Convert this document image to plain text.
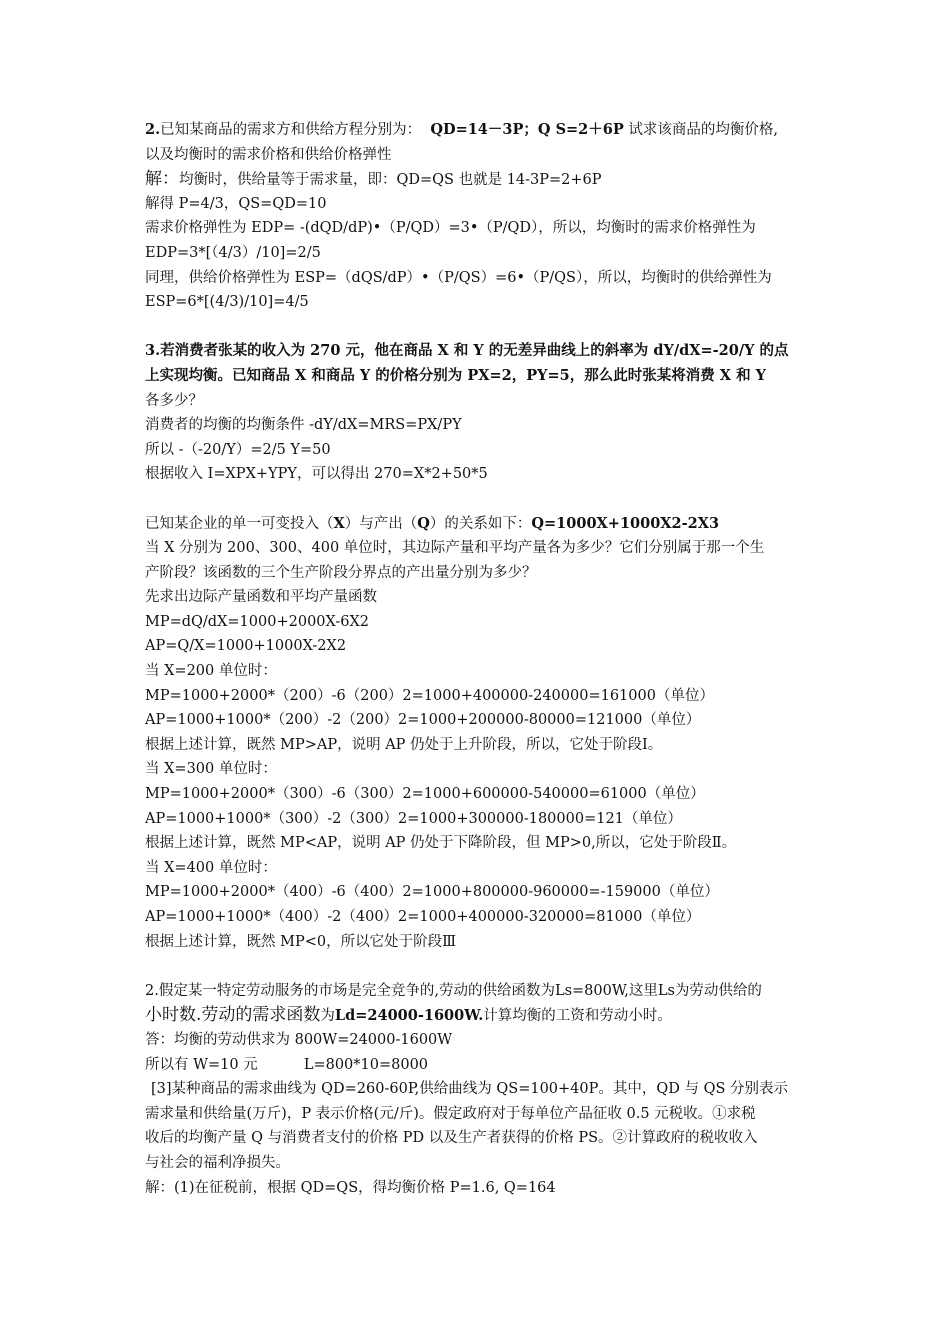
2.已知某商品的需求方和供给方程分别为： QD=14－3P；Q S=2＋6P 试求该商品的均衡价格,
以及均衡时的需求价格和供给价格弹性
解：均衡时，供给量等于需求量，即：QD=QS 也就是 14-3P=2+6P
解得 P=4/3，QS=QD=10
需求价格弹性为 EDP= -(dQD/dP)•（P/QD）=3•（P/QD），所以，均衡时的需求价格弹性为
EDP=3*[（4/3）/10]=2/5
同理，供给价格弹性为 ESP=（dQS/dP）•（P/QS）=6•（P/QS），所以，均衡时的供给弹性为
ESP=6*[(4/3)/10]=4/5
3.若消费者张某的收入为 270 元，他在商品 X 和 Y 的无差异曲线上的斜率为 dY/dX=-20/Y 的点
上实现均衡。已知商品 X 和商品 Y 的价格分别为 PX=2，PY=5，那么此时张某将消费 X 和 Y
各多少？
消费者的均衡的均衡条件 -dY/dX=MRS=PX/PY
所以 -（-20/Y）=2/5 Y=50
根据收入 I=XPX+YPY，可以得出 270=X*2+50*5
已知某企业的单一可变投入（X）与产出（Q）的关系如下：Q=1000X+1000X2-2X3
当 X 分别为 200、300、400 单位时，其边际产量和平均产量各为多少？它们分别属于那一个生
产阶段？该函数的三个生产阶段分界点的产出量分别为多少？
先求出边际产量函数和平均产量函数
MP=dQ/dX=1000+2000X-6X2
AP=Q/X=1000+1000X-2X2
当 X=200 单位时：
MP=1000+2000*（200）-6（200）2=1000+400000-240000=161000（单位）
AP=1000+1000*（200）-2（200）2=1000+200000-80000=121000（单位）
根据上述计算，既然 MP>AP，说明 AP 仍处于上升阶段，所以，它处于阶段Ⅰ。
当 X=300 单位时：
MP=1000+2000*（300）-6（300）2=1000+600000-540000=61000（单位）
AP=1000+1000*（300）-2（300）2=1000+300000-180000=121（单位）
根据上述计算，既然 MP<AP，说明 AP 仍处于下降阶段，但 MP>0,所以，它处于阶段Ⅱ。
当 X=400 单位时：
MP=1000+2000*（400）-6（400）2=1000+800000-960000=-159000（单位）
AP=1000+1000*（400）-2（400）2=1000+400000-320000=81000（单位）
根据上述计算，既然 MP<0，所以它处于阶段Ⅲ
2.假定某一特定劳动服务的市场是完全竞争的,劳动的供给函数为Ls=800W,这里Ls为劳动供给的
小时数.劳动的需求函数为Ld=24000-1600W.计算均衡的工资和劳动小时。
答：均衡的劳动供求为 800W=24000-1600W
所以有 W=10 元          L=800*10=8000
[3]某种商品的需求曲线为 QD=260-60P,供给曲线为 QS=100+40P。其中，QD 与 QS 分别表示
需求量和供给量(万斤)，P 表示价格(元/斤)。假定政府对于每单位产品征收 0.5 元税收。①求税
收后的均衡产量 Q 与消费者支付的价格 PD 以及生产者获得的价格 PS。②计算政府的税收收入
与社会的福利净损失。
解：(1)在征税前，根据 QD=QS，得均衡价格 P=1.6, Q=164
